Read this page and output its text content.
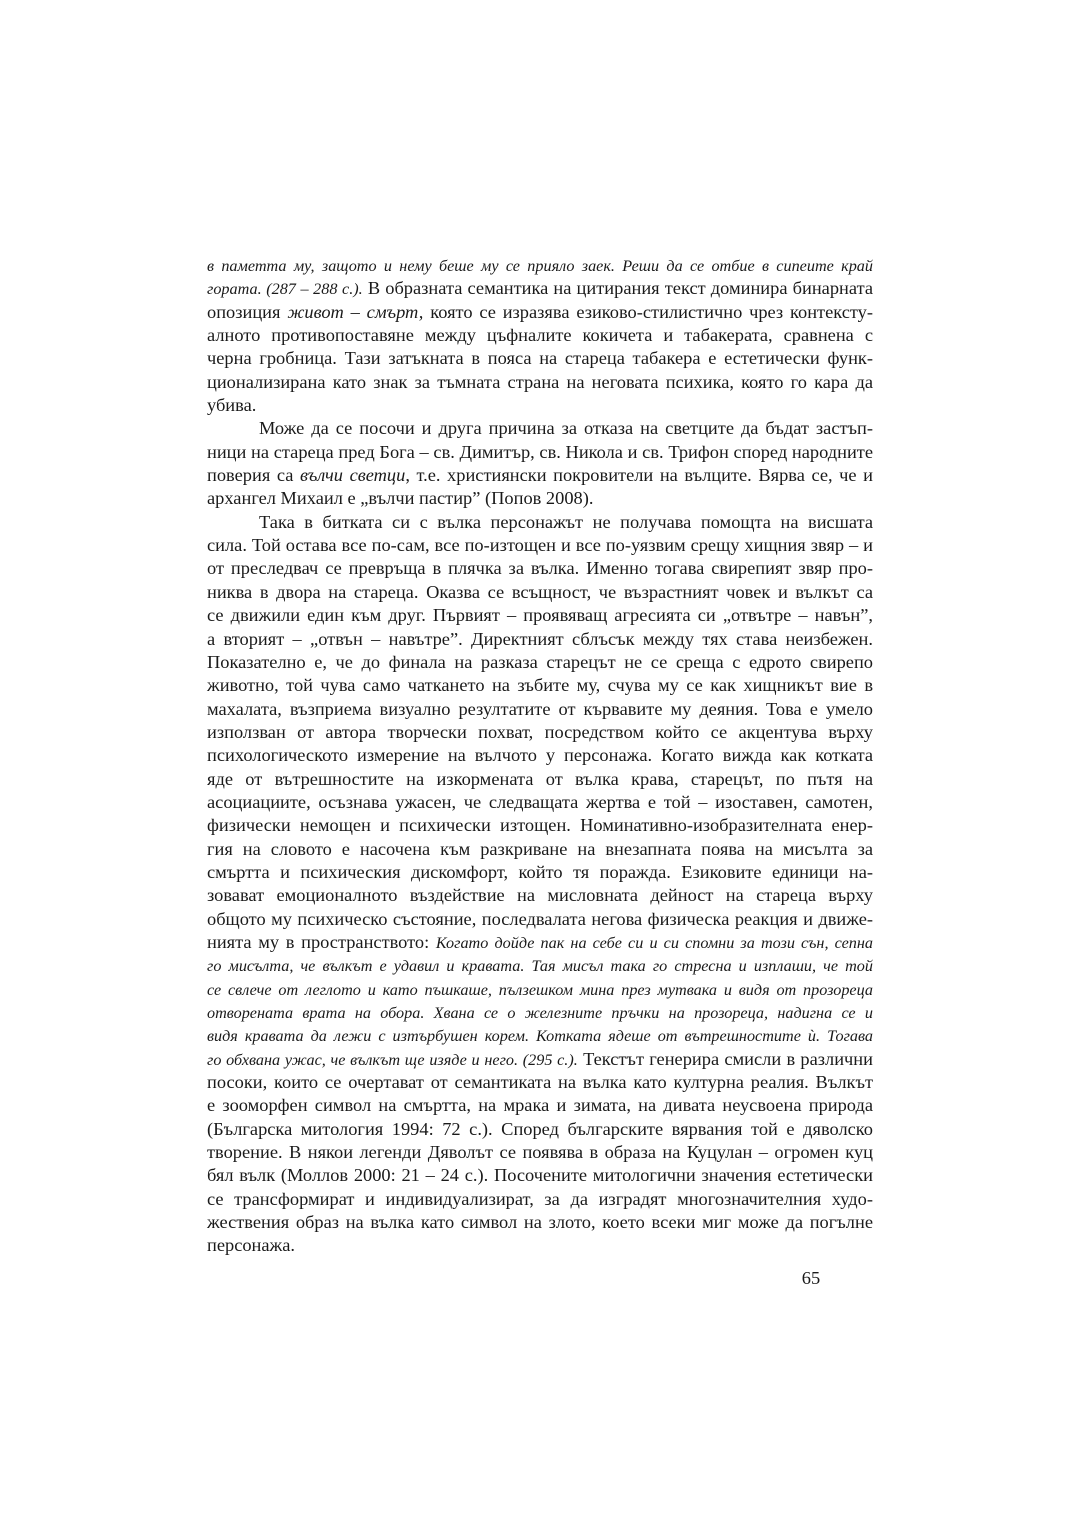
в паметта му, защото и нему беше му се прияло заек. Реши да се отбие в сипеите край
гората. (287 – 288 с.). В образната семантика на цитирания текст доминира бинарната
опозиция живот – смърт, която се изразява езиково-стилистично чрез контексту-
алното противопоставяне между цъфналите кокичета и табакерата, сравнена с
черна гробница. Тази затъкната в пояса на стареца табакера е естетически функ-
ционализирана като знак за тъмната страна на неговата психика, която го кара да
убива.
Може да се посочи и друга причина за отказа на светците да бъдат застъп-
ници на стареца пред Бога – св. Димитър, св. Никола и св. Трифон според народните
поверия са вълчи светци, т.е. християнски покровители на вълците. Вярва се, че и
архангел Михаил е „вълчи пастир” (Попов 2008).
Така в битката си с вълка персонажът не получава помощта на висшата
сила. Той остава все по-сам, все по-изтощен и все по-уязвим срещу хищния звяр – и
от преследвач се превръща в плячка за вълка. Именно тогава свирепият звяр про-
никва в двора на стареца. Оказва се всъщност, че възрастният човек и вълкът са
се движили един към друг. Първият – проявяващ агресията си „отвътре – навън”,
а вторият – „отвън – навътре”. Директният сблъсък между тях става неизбежен.
Показателно е, че до финала на разказа старецът не се среща с едрото свирепо
животно, той чува само чаткането на зъбите му, счува му се как хищникът вие в
махалата, възприема визуално резултатите от кървавите му деяния. Това е умело
използван от автора творчески похват, посредством който се акцентува върху
психологическото измерение на вълчото у персонажа. Когато вижда как котката
яде от вътрешностите на изкормената от вълка крава, старецът, по пътя на
асоциациите, осъзнава ужасен, че следващата жертва е той – изоставен, самотен,
физически немощен и психически изтощен. Номинативно-изобразителната енер-
гия на словото е насочена към разкриване на внезапната поява на мисълта за
смъртта и психическия дискомфорт, който тя поражда. Езиковите единици на-
зовават емоционалното въздействие на мисловната дейност на стареца върху
общото му психическо състояние, последвалата негова физическа реакция и движе-
нията му в пространството: Когато дойде пак на себе си и си спомни за този сън, сепна
го мисълта, че вълкът е удавил и кравата. Тая мисъл така го стресна и изплаши, че той
се свлече от леглото и като пъшкаше, пълзешком мина през мутвака и видя от прозореца
отворената врата на обора. Хвана се о железните пръчки на прозореца, надигна се и
видя кравата да лежи с изтърбушен корем. Котката ядеше от вътрешностите ѝ. Тогава
го обхвана ужас, че вълкът ще изяде и него. (295 с.). Текстът генерира смисли в различни
посоки, които се очертават от семантиката на вълка като културна реалия. Вълкът
е зооморфен символ на смъртта, на мрака и зимата, на дивата неусвоена природа
(Българска митология 1994: 72 с.). Според българските вярвания той е дяволско
творение. В някои легенди Дяволът се появява в образа на Куцулан – огромен куц
бял вълк (Моллов 2000: 21 – 24 с.). Посочените митологични значения естетически
се трансформират и индивидуализират, за да изградят многозначителния худо-
жествения образ на вълка като символ на злото, което всеки миг може да погълне
персонажа.
65
